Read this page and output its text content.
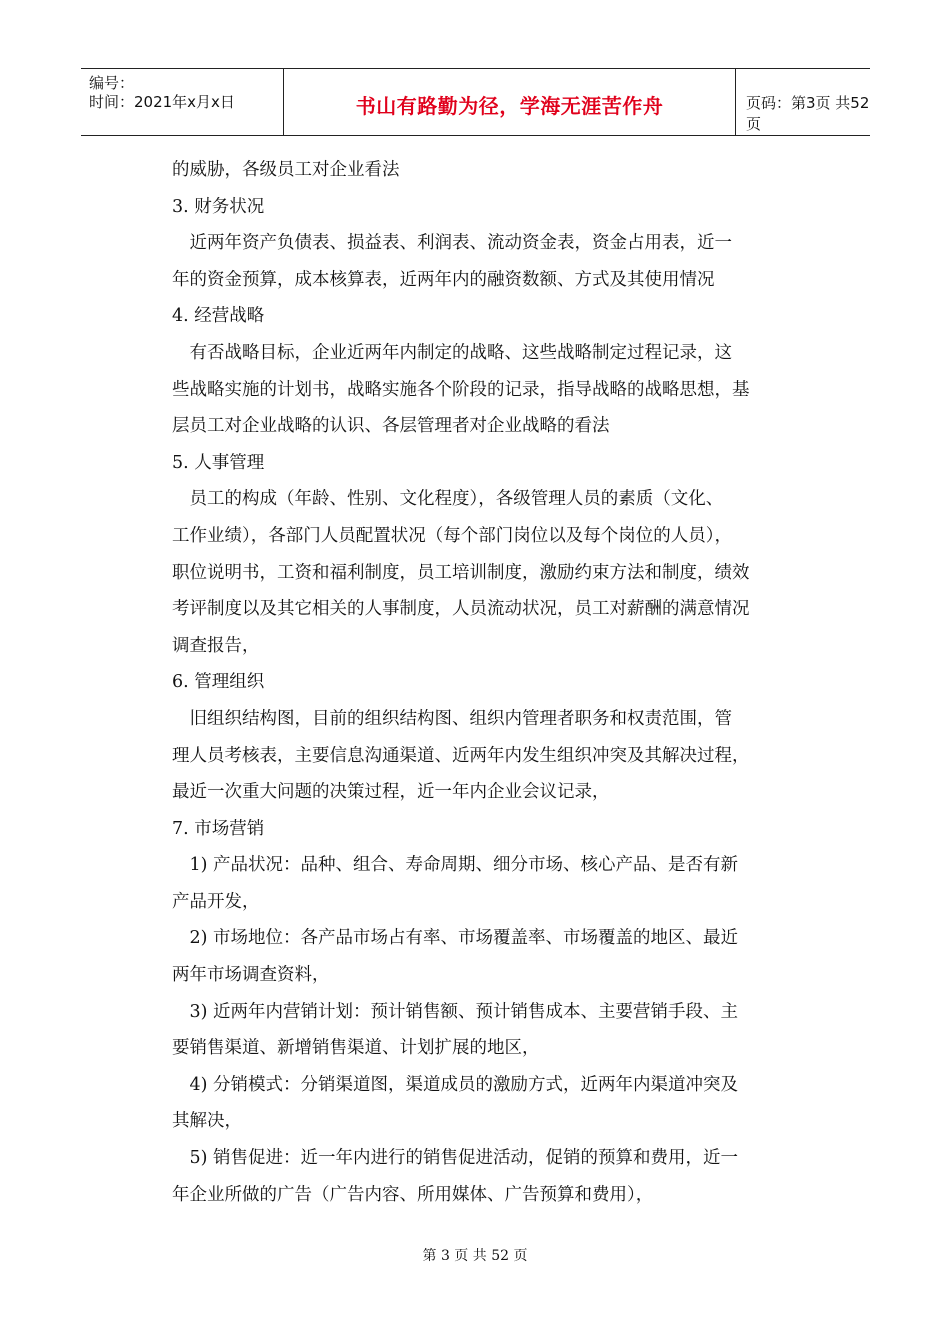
编号：
时间：2021年x月x日	书山有路勤为径，学海无涯苦作舟	页码：第3页 共52页

的威胁，各级员工对企业看法

3. 财务状况

　近两年资产负债表、损益表、利润表、流动资金表，资金占用表，近一

年的资金预算，成本核算表，近两年内的融资数额、方式及其使用情况

4. 经营战略

　有否战略目标，企业近两年内制定的战略、这些战略制定过程记录，这

些战略实施的计划书，战略实施各个阶段的记录，指导战略的战略思想，基

层员工对企业战略的认识、各层管理者对企业战略的看法

5. 人事管理

　员工的构成（年龄、性别、文化程度），各级管理人员的素质（文化、

工作业绩），各部门人员配置状况（每个部门岗位以及每个岗位的人员），

职位说明书，工资和福利制度，员工培训制度，激励约束方法和制度，绩效

考评制度以及其它相关的人事制度，人员流动状况，员工对薪酬的满意情况

调查报告，

6. 管理组织

　旧组织结构图，目前的组织结构图、组织内管理者职务和权责范围，管

理人员考核表，主要信息沟通渠道、近两年内发生组织冲突及其解决过程，

最近一次重大问题的决策过程，近一年内企业会议记录，

7. 市场营销

　1) 产品状况：品种、组合、寿命周期、细分市场、核心产品、是否有新

产品开发，

　2) 市场地位：各产品市场占有率、市场覆盖率、市场覆盖的地区、最近

两年市场调查资料，

　3) 近两年内营销计划：预计销售额、预计销售成本、主要营销手段、主

要销售渠道、新增销售渠道、计划扩展的地区，

　4) 分销模式：分销渠道图，渠道成员的激励方式，近两年内渠道冲突及

其解决，

　5) 销售促进：近一年内进行的销售促进活动，促销的预算和费用，近一

年企业所做的广告（广告内容、所用媒体、广告预算和费用），

第 3 页 共 52 页
